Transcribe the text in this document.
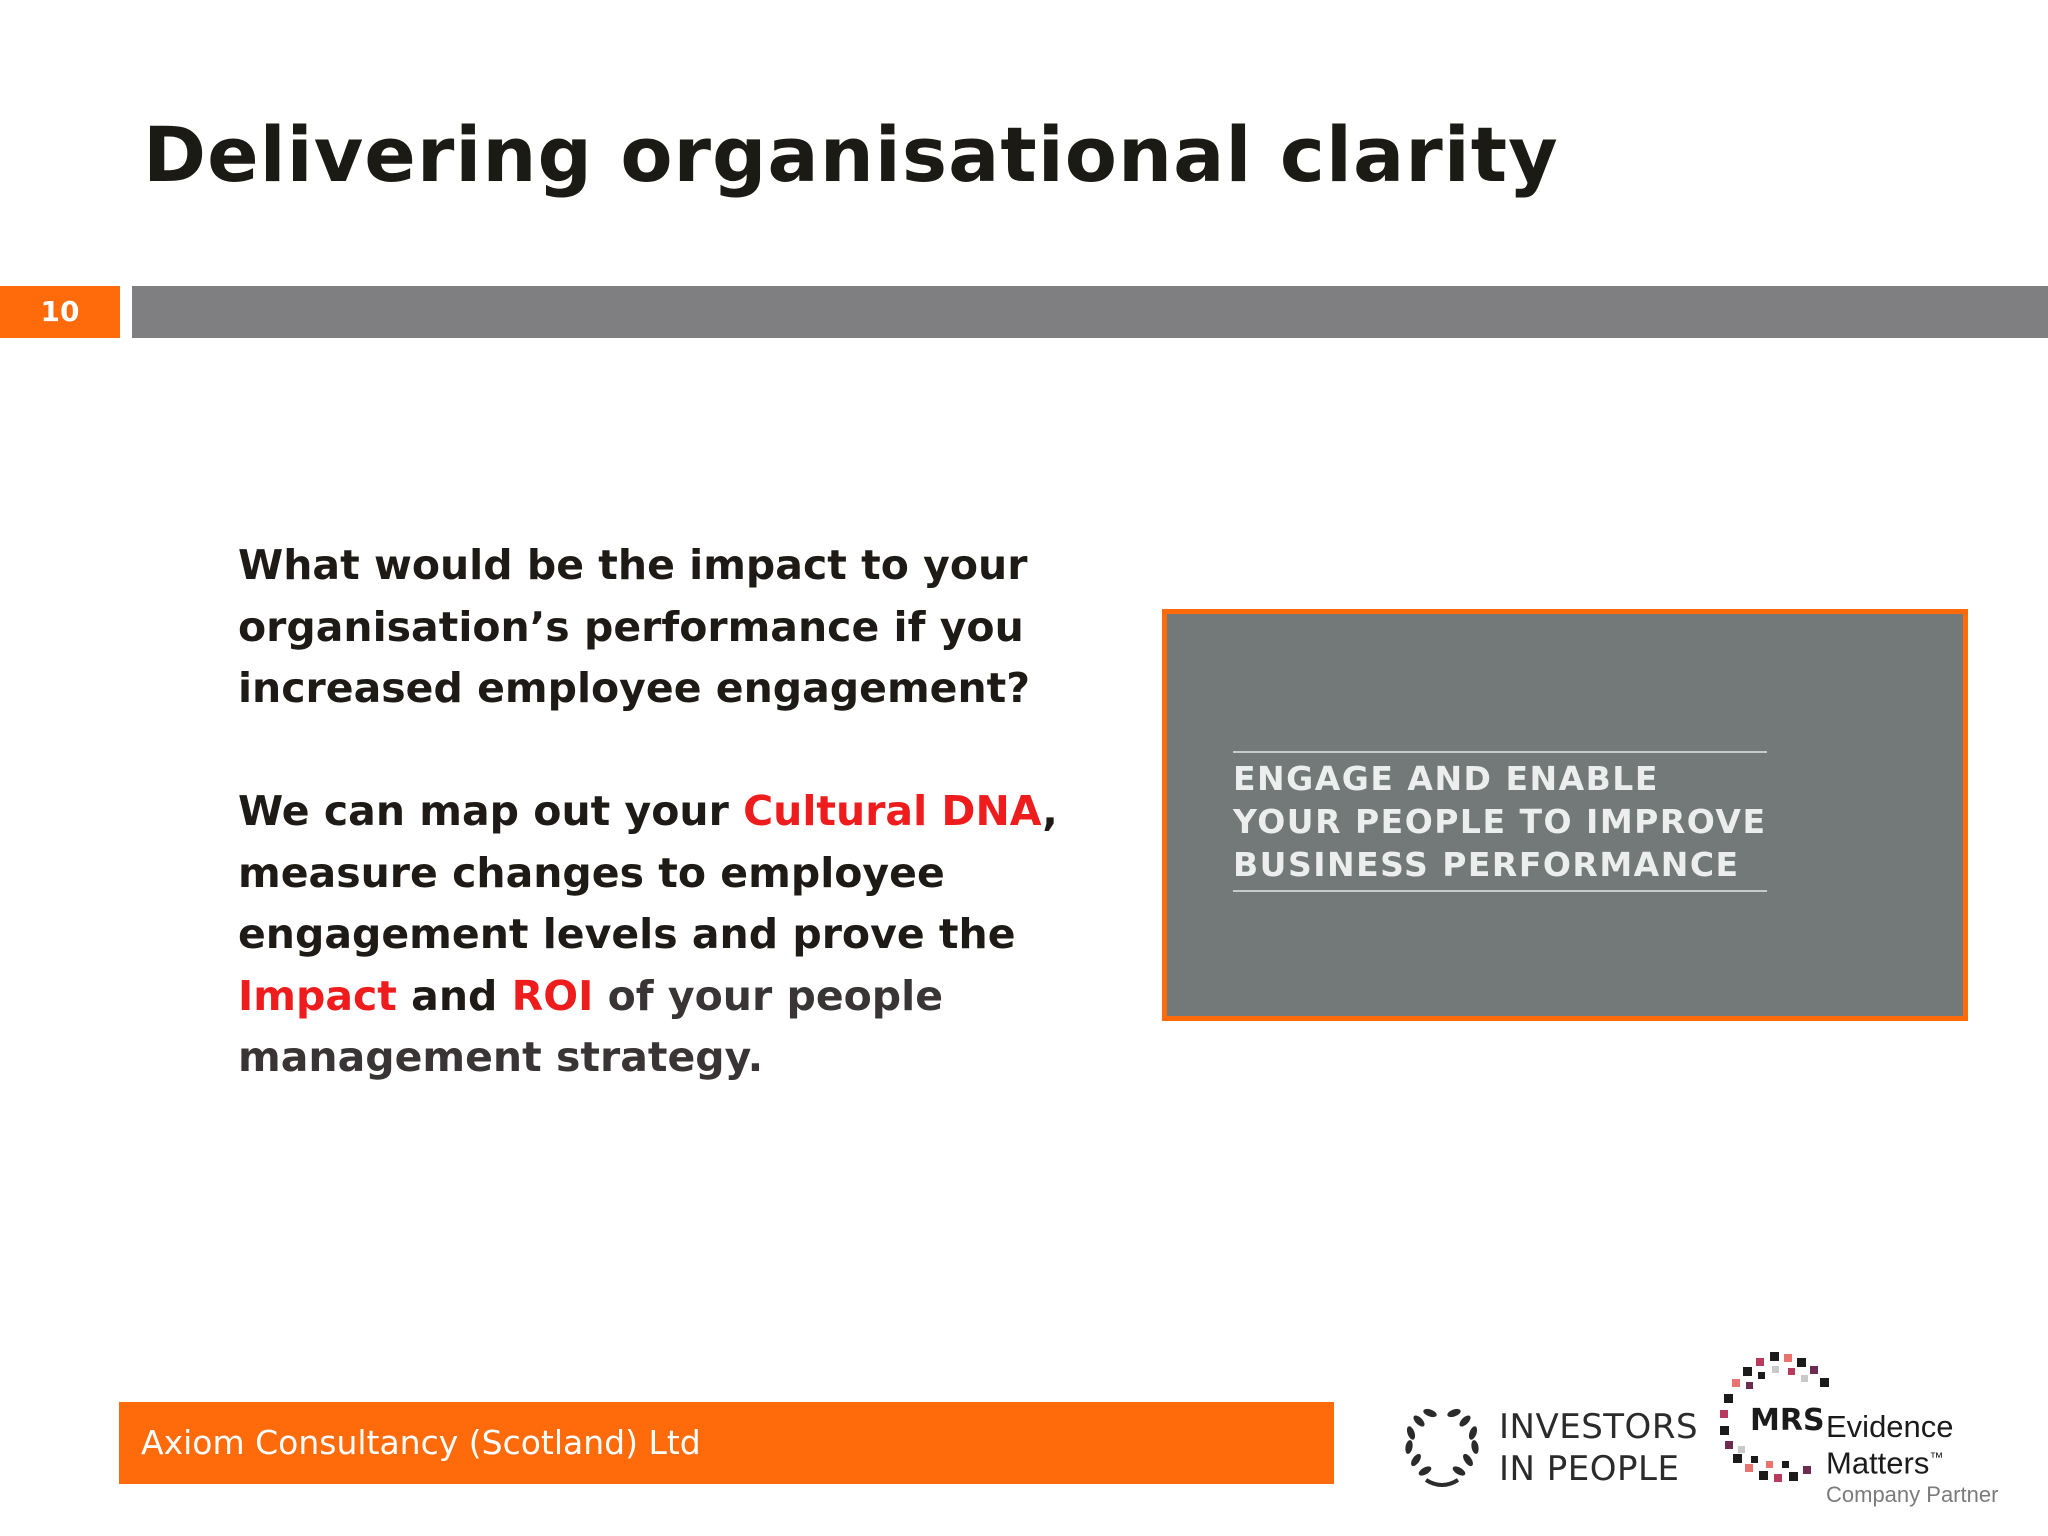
Delivering organisational clarity
10

What would be the impact to your

organisation’s performance if you

increased employee engagement?

We can map out your Cultural DNA,

measure changes to employee

engagement levels and prove the

Impact and ROI of your people

management strategy.

ENGAGE AND ENABLE
YOUR PEOPLE TO IMPROVE
BUSINESS PERFORMANCE
Axiom Consultancy (Scotland) Ltd	INVESTORS
IN PEOPLE
MRS Evidence
Matters™
Company Partner
